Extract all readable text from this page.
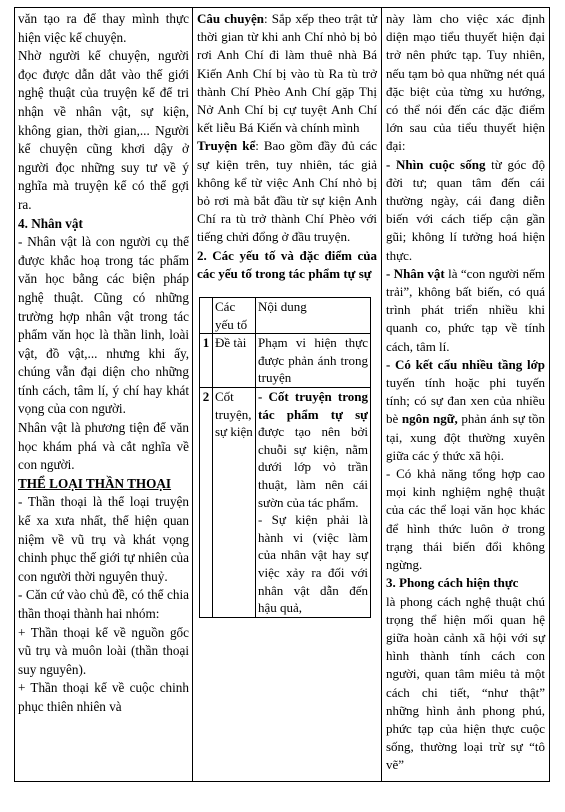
văn tạo ra để thay mình thực hiện việc kể chuyện.

Nhờ người kể chuyện, người đọc được dẫn dắt vào thế giới nghệ thuật của truyện kể để tri nhận về nhân vật, sự kiện, không gian, thời gian,... Người kể chuyện cũng khơi dậy ở người đọc những suy tư về ý nghĩa mà truyện kể có thể gợi ra.

4. Nhân vật

- Nhân vật là con người cụ thể được khắc hoạ trong tác phẩm văn học bằng các biện pháp nghệ thuật. Cũng có những trường hợp nhân vật trong tác phẩm văn học là thần linh, loài vật, đồ vật,... nhưng khi ấy, chúng vẫn đại diện cho những tính cách, tâm lí, ý chí hay khát vọng của con người.

Nhân vật là phương tiện để văn học khám phá và cắt nghĩa về con người.

THỂ LOẠI THẦN THOẠI

- Thần thoại là thể loại truyện kể xa xưa nhất, thể hiện quan niệm về vũ trụ và khát vọng chinh phục thế giới tự nhiên của con người thời nguyên thuỷ.

- Căn cứ vào chủ đề, có thể chia thần thoại thành hai nhóm:

+ Thần thoại kể về nguồn gốc vũ trụ và muôn loài (thần thoại suy nguyên).

+ Thần thoại kể về cuộc chinh phục thiên nhiên và

Câu chuyện: Sắp xếp theo trật tử thời gian từ khi anh Chí nhỏ bị bỏ rơi Anh Chí đi làm thuê nhà Bá Kiến Anh Chí bị vào tù Ra tù trở thành Chí Phèo Anh Chí gặp Thị Nở Anh Chí bị cự tuyệt Anh Chí kết liễu Bá Kiến và chính mình

Truyện kể: Bao gồm đầy đủ các sự kiện trên, tuy nhiên, tác giả không kể từ việc Anh Chí nhỏ bị bỏ rơi mà bắt đầu từ sự kiện Anh Chí ra tù trở thành Chí Phèo với tiếng chửi đổng ở đầu truyện.

2. Các yếu tố và đặc điểm của các yếu tố trong tác phẩm tự sự

	Các yếu tố	Nội dung
1	Đề tài	Phạm vi hiện thực được phản ánh trong truyện
2	Cốt truyện, sự kiện	- Cốt truyện trong tác phẩm tự sự được tạo nên bởi chuỗi sự kiện, nằm dưới lớp vỏ trần thuật, làm nên cái sườn của tác phẩm.
- Sự kiện phải là hành vi (việc làm của nhân vật hay sự việc xảy ra đối với nhân vật dẫn đến hậu quả,

này làm cho việc xác định diện mạo tiểu thuyết hiện đại trở nên phức tạp. Tuy nhiên, nếu tạm bỏ qua những nét quá đặc biệt của từng xu hướng, có thể nói đến các đặc điểm lớn sau của tiểu thuyết hiện đại:

- Nhìn cuộc sống từ góc độ đời tư; quan tâm đến cái thường ngày, cái đang diễn biến với cách tiếp cận gần gũi; không lí tưởng hoá hiện thực.

- Nhân vật là “con người nếm trải”, không bất biến, có quá trình phát triển nhiều khi quanh co, phức tạp về tính cách, tâm lí.

- Có kết cấu nhiều tầng lớp tuyến tính hoặc phi tuyến tính; có sự đan xen của nhiều bè ngôn ngữ, phản ánh sự tồn tại, xung đột thường xuyên giữa các ý thức xã hội.

- Có khả năng tổng hợp cao mọi kinh nghiệm nghệ thuật của các thể loại văn học khác để hình thức luôn ở trong trạng thái biến đổi không ngừng.

3. Phong cách hiện thực

là phong cách nghệ thuật chú trọng thể hiện mối quan hệ giữa hoàn cảnh xã hội với sự hình thành tính cách con người, quan tâm miêu tả một cách chi tiết, “như thật” những hình ảnh phong phú, phức tạp của hiện thực cuộc sống, thường loại trừ sự “tô vẽ”
